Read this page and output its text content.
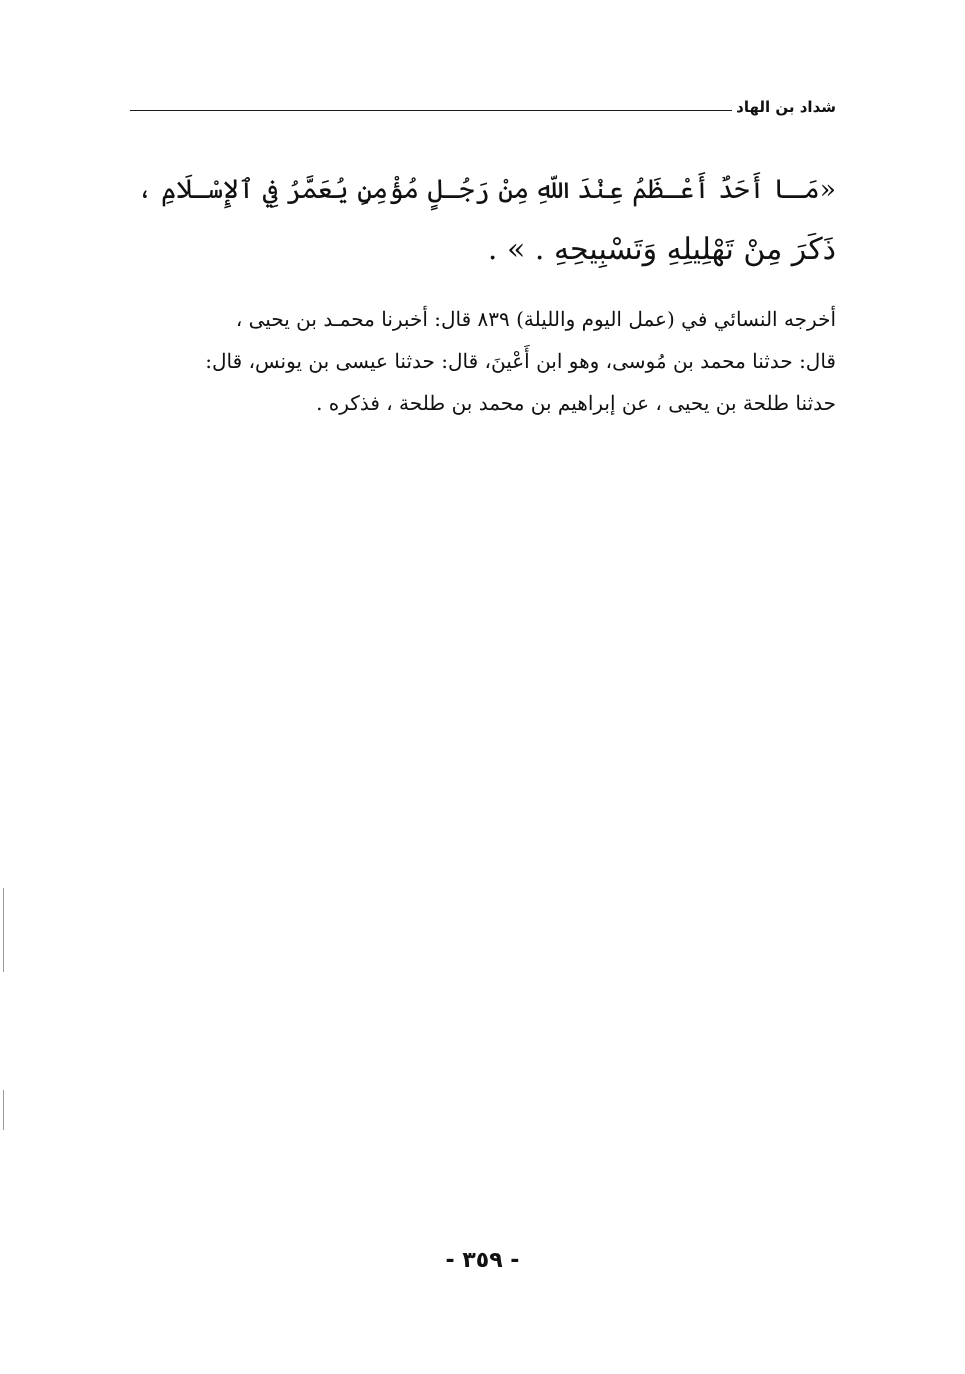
شداد بن الهاد
«مَـا أَحَدٌ أَعْـظَمُ عِنْدَ اللّهِ مِنْ رَجُـلٍ مُؤْمِنٍ يُعَمَّرُ فِي ٱلإِسْـلَامِ ،
ذَكَرَ مِنْ تَهْلِيلِهِ وَتَسْبِيحِهِ . » .
أخرجه النسائي في (عمل اليوم والليلة) ٨٣٩ قال: أخبرنا محمـد بن يحيى ،
قال: حدثنا محمد بن مُوسى، وهو ابن أَعْينَ، قال: حدثنا عيسى بن يونس، قال:
حدثنا طلحة بن يحيى ، عن إبراهيم بن محمد بن طلحة ، فذكره .
- ٣٥٩ -
